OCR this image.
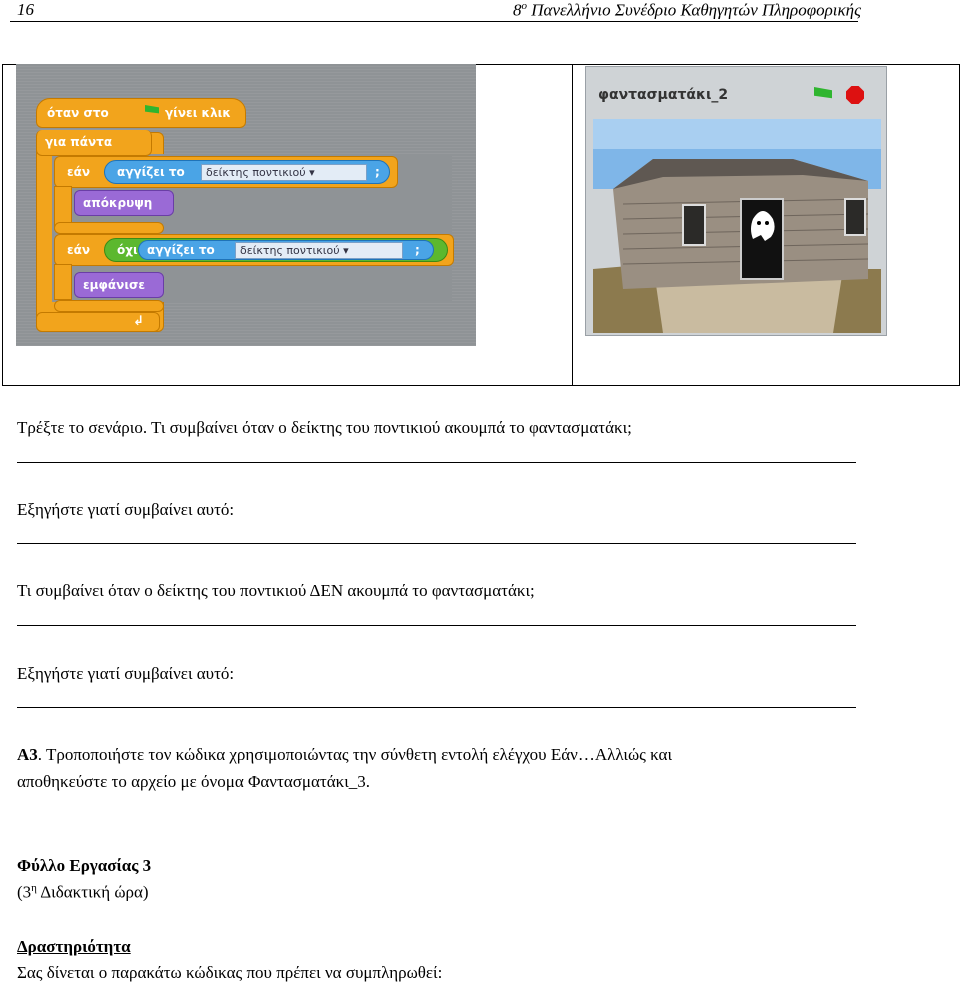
16	$8^o$ Πανελλήνιο Συνέδριο Καθηγητών Πληροφορικής
όταν στο	γίνει κλικ
για πάντα
εάν αγγίζει το	δείκτης ποντικιού ▾	;
απόκρυψη
εάν όχι αγγίζει το	δείκτης ποντικιού ▾	;
εμφάνισε
↲
φαντασματάκι_2
Τρέξτε το σενάριο. Τι συμβαίνει όταν ο δείκτης του ποντικιού ακουμπά το φαντασματάκι;
Εξηγήστε γιατί συμβαίνει αυτό:
Τι συμβαίνει όταν ο δείκτης του ποντικιού ΔΕΝ ακουμπά το φαντασματάκι;
Εξηγήστε γιατί συμβαίνει αυτό:
Α3. Τροποποιήστε τον κώδικα χρησιμοποιώντας την σύνθετη εντολή ελέγχου Εάν…Αλλιώς και
αποθηκεύστε το αρχείο με όνομα Φαντασματάκι_3.
Φύλλο Εργασίας 3
($3^\eta$ Διδακτική ώρα)
Δραστηριότητα
Σας δίνεται ο παρακάτω κώδικας που πρέπει να συμπληρωθεί:
